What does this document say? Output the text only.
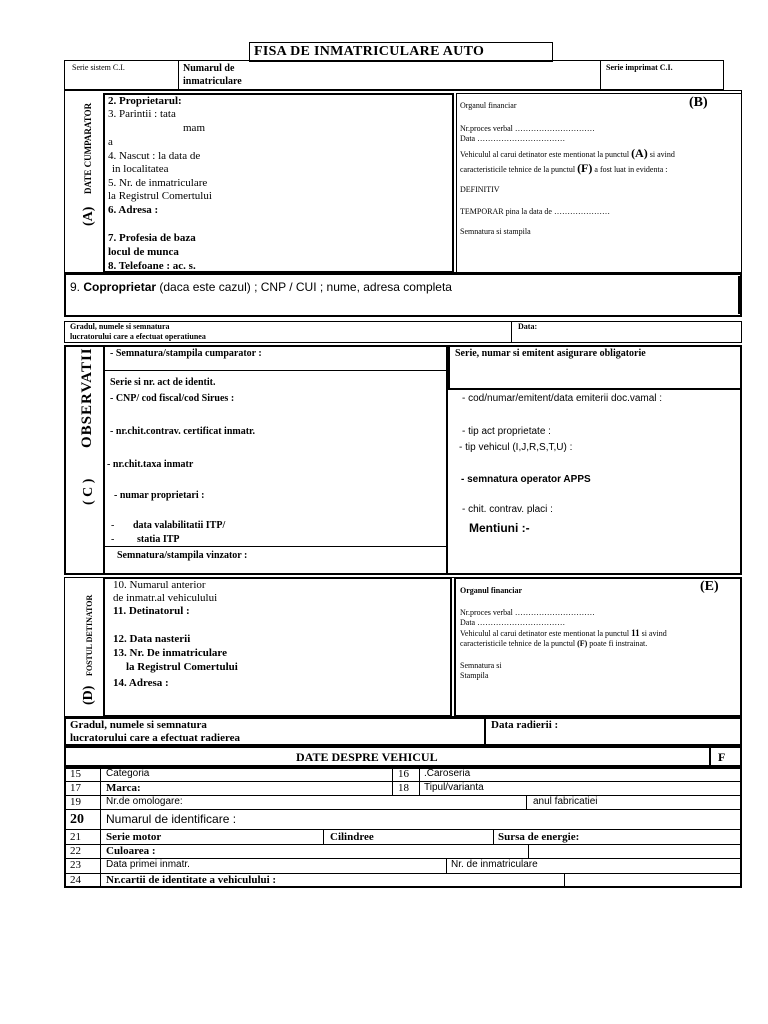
FISA DE INMATRICULARE AUTO
Serie sistem C.I.	Numarul de
inmatriculare
Serie imprimat C.I.
DATE CUMPARATOR
(A)
2. Proprietarul:
3. Parintii : tata
mam
a
4. Nascut : la data de
in localitatea
5. Nr. de inmatriculare
la Registrul Comertului
6. Adresa :
7. Profesia de baza
locul de munca
8. Telefoane : ac. s.
Organul financiar	(B)
Nr.proces verbal …………………………
Data ……………………………
Vehiculul al carui detinator este mentionat la punctul (A) si avind
caracteristicile tehnice de la punctul (F) a fost luat in evidenta :
DEFINITIV
TEMPORAR pina la data de …………………
Semnatura si stampila
9. Coproprietar (daca este cazul) ; CNP / CUI ; nume, adresa completa
Gradul, numele si semnatura
lucratorului care a efectuat operatiunea
Data:
OBSERVATII
( C )
- Semnatura/stampila cumparator :	Serie, numar si emitent asigurare obligatorie
Serie si nr. act de identit.
- CNP/ cod fiscal/cod Sirues :
- nr.chit.contrav. certificat inmatr.
- nr.chit.taxa inmatr
- numar proprietari :
- data valabilitatii ITP/
- statia ITP
Semnatura/stampila vinzator :
- cod/numar/emitent/data emiterii doc.vamal :
- tip act proprietate :
- tip vehicul (I,J,R,S,T,U) :
- semnatura operator APPS
- chit. contrav. placi :
Mentiuni :-
FOSTUL DETINATOR
(D)
10. Numarul anterior
de inmatr.al vehiculului
11. Detinatorul :
12. Data nasterii
13. Nr. De inmatriculare
la Registrul Comertului
14. Adresa :
Organul financiar	(E)
Nr.proces verbal …………………………
Data ……………………………
Vehiculul al carui detinator este mentionat la punctul 11 si avind
caracteristicile tehnice de la punctul (F) poate fi instrainat.
Semnatura si
Stampila
Gradul, numele si semnatura
lucratorului care a efectuat radierea
Data radierii :
DATE DESPRE VEHICUL	F
15	Categoria	16 .Caroseria
17 Marca:	18 Tipul/varianta
19	Nr.de omologare:	anul fabricatiei
20 Numarul de identificare :
21 Serie motor	Cilindree	Sursa de energie:
22 Culoarea :
23	Data primei inmatr.	Nr. de inmatriculare
24 Nr.cartii de identitate a vehiculului :
